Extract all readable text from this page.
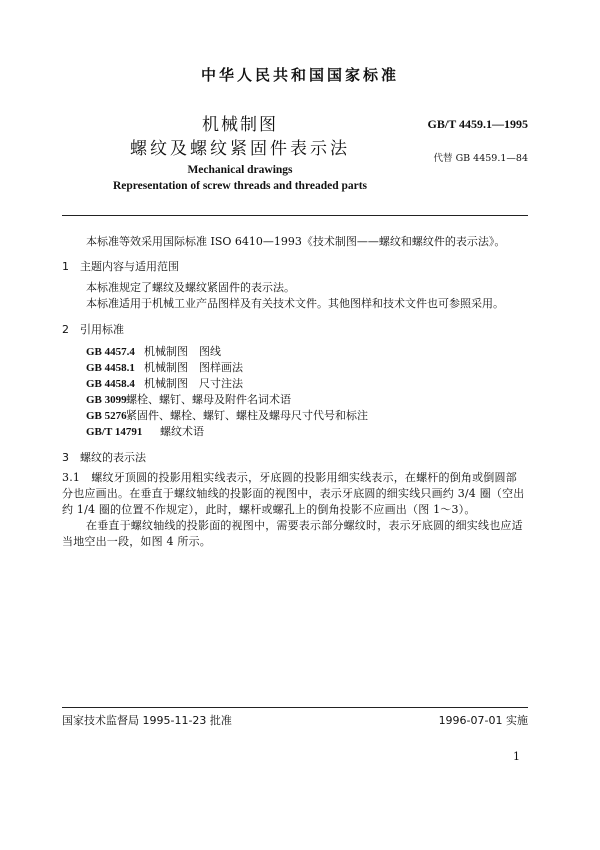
中华人民共和国国家标准
机械制图
螺纹及螺纹紧固件表示法
GB/T 4459.1—1995
代替 GB 4459.1—84
Mechanical drawings
Representation of screw threads and threaded parts
本标准等效采用国际标准 ISO 6410—1993《技术制图——螺纹和螺纹件的表示法》。
1　主题内容与适用范围
本标准规定了螺纹及螺纹紧固件的表示法。
本标准适用于机械工业产品图样及有关技术文件。其他图样和技术文件也可参照采用。
2　引用标准
GB 4457.4 机械制图　图线
GB 4458.1 机械制图　图样画法
GB 4458.4 机械制图　尺寸注法
GB 3099螺栓、螺钉、螺母及附件名词术语
GB 5276紧固件、螺栓、螺钉、螺柱及螺母尺寸代号和标注
GB/T 14791 螺纹术语
3　螺纹的表示法
3.1　螺纹牙顶圆的投影用粗实线表示，牙底圆的投影用细实线表示，在螺杆的倒角或倒圆部分也应画出。在垂直于螺纹轴线的投影面的视图中，表示牙底圆的细实线只画约 3/4 圈（空出约 1/4 圈的位置不作规定），此时，螺杆或螺孔上的倒角投影不应画出（图 1～3）。
在垂直于螺纹轴线的投影面的视图中，需要表示部分螺纹时，表示牙底圆的细实线也应适当地空出一段，如图 4 所示。
国家技术监督局 1995-11-23 批准	1996-07-01 实施
1
